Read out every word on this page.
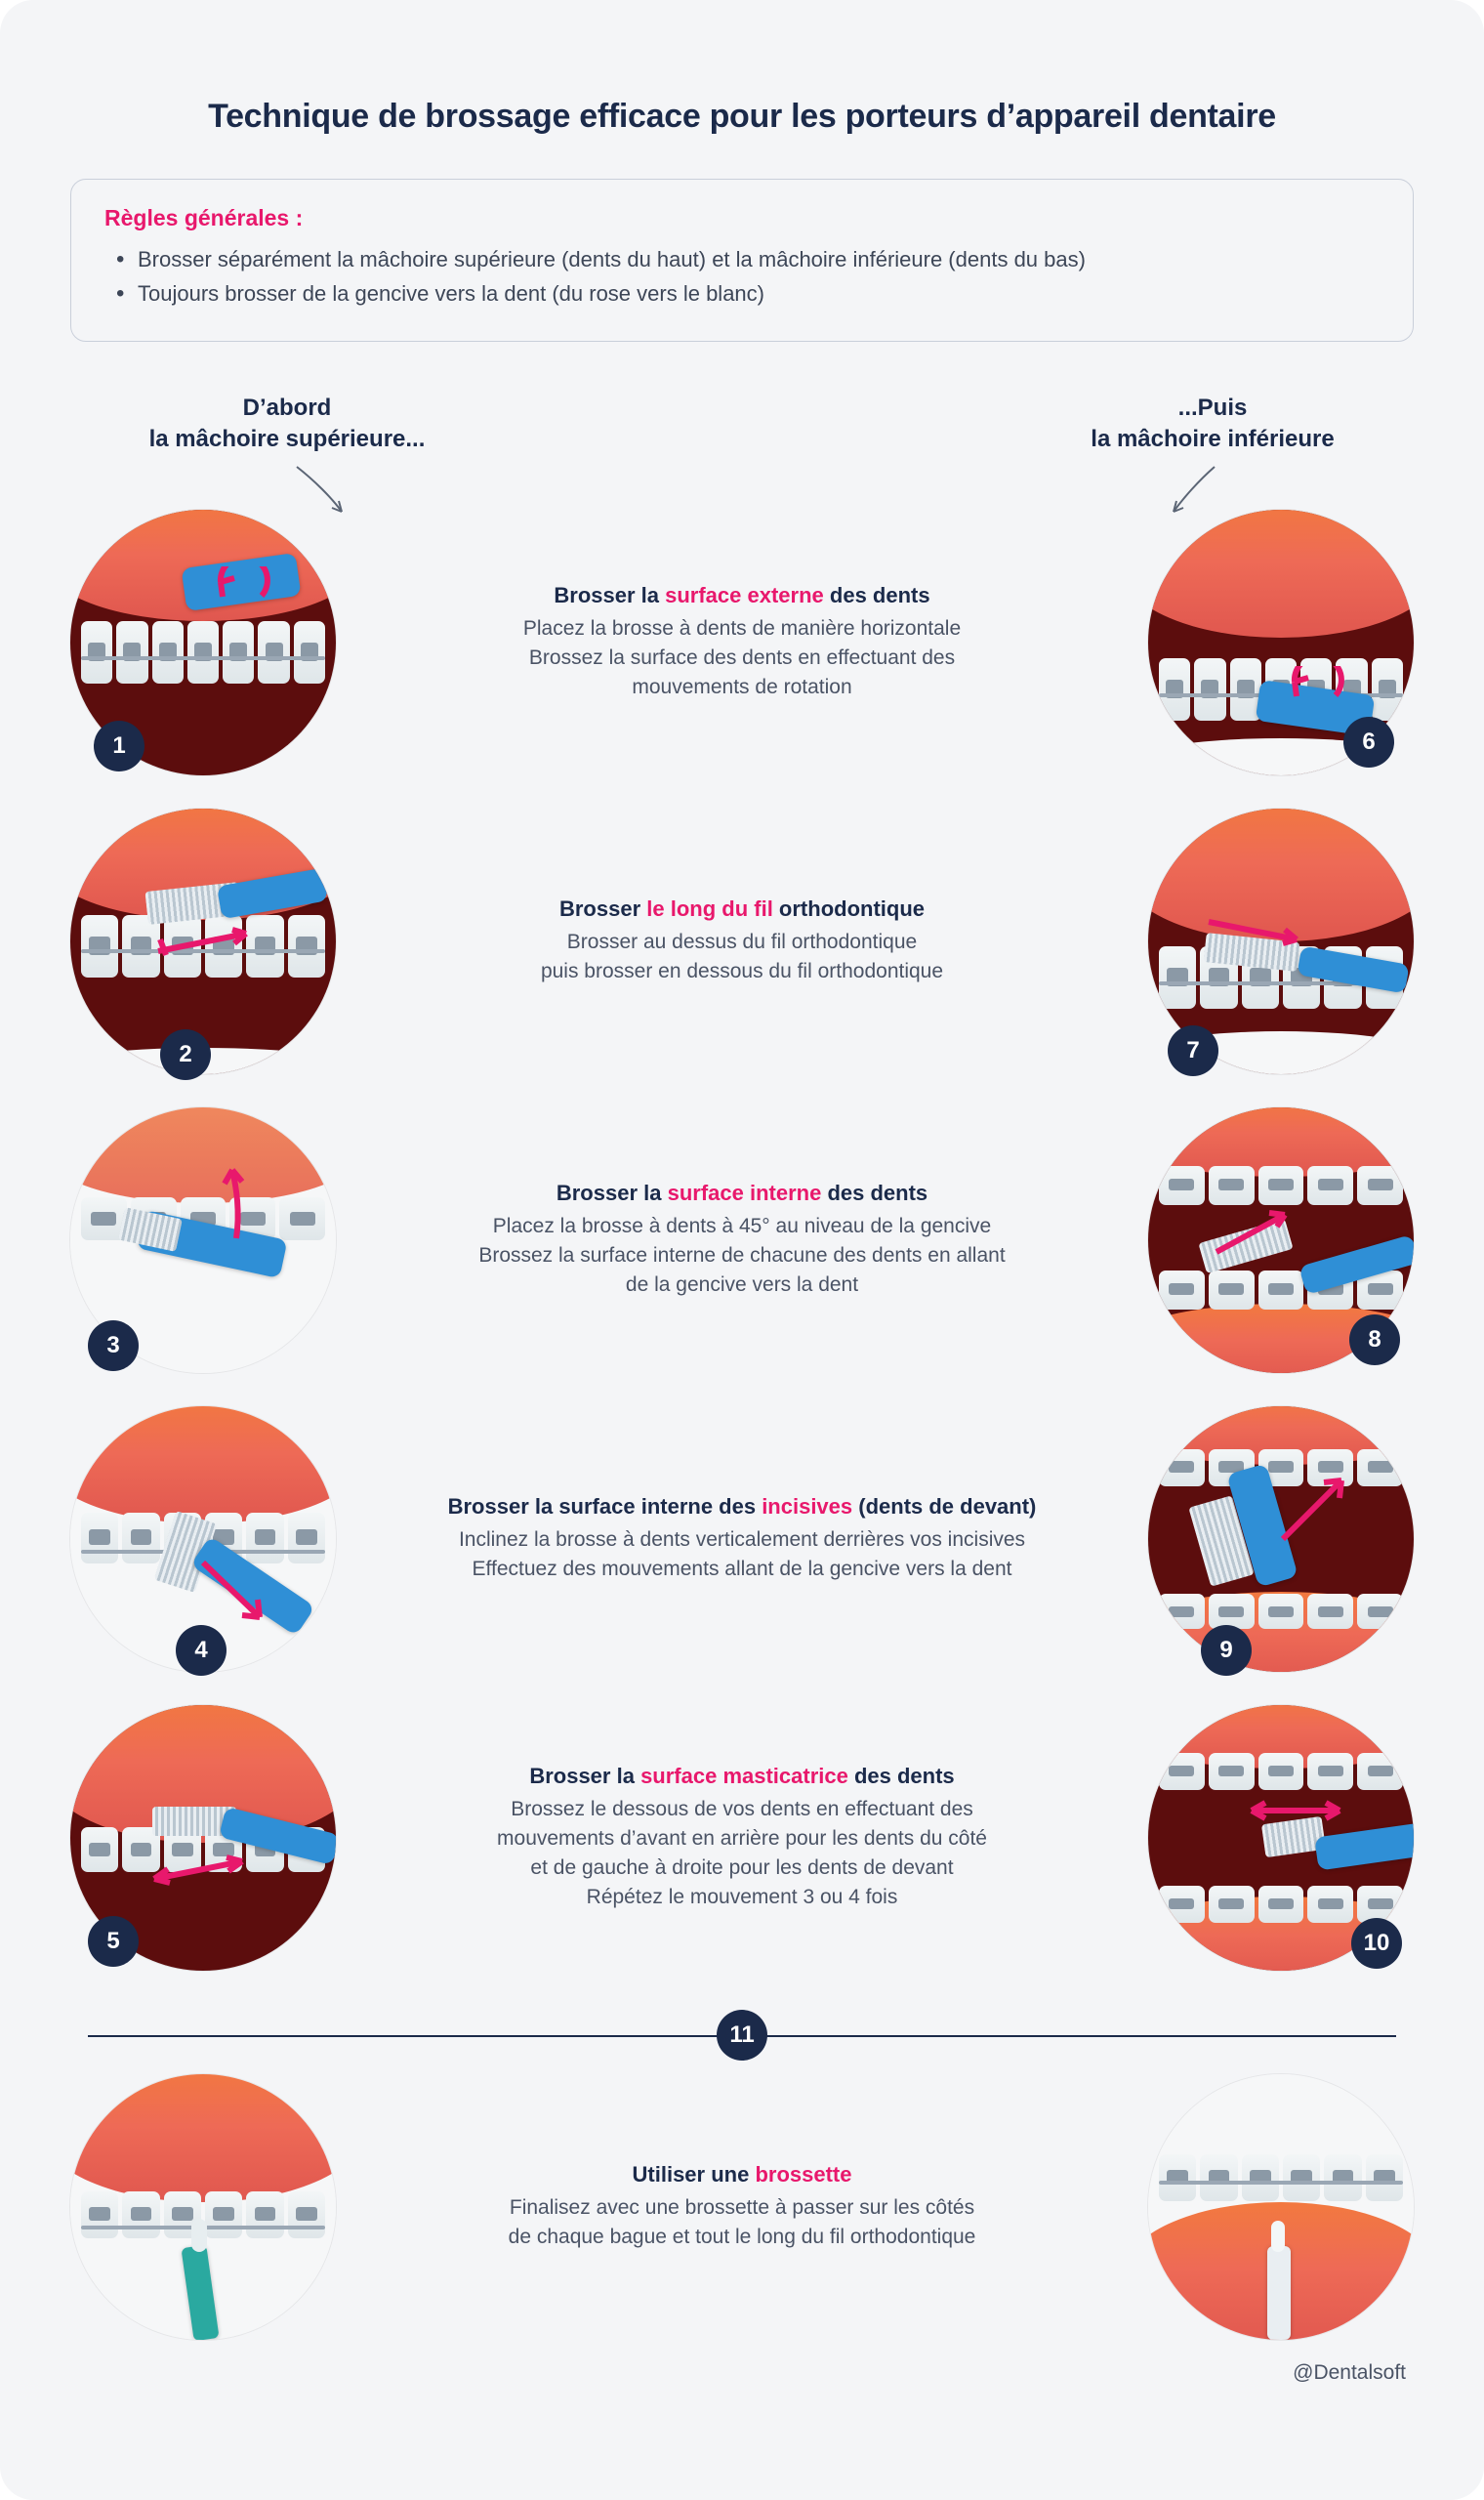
Technique de brossage efficace pour les porteurs d’appareil dentaire
Règles générales :
• Brosser séparément la mâchoire supérieure (dents du haut) et la mâchoire inférieure (dents du bas)
• Toujours brosser de la gencive vers la dent (du rose vers le blanc)
D’abord
la mâchoire supérieure...
...Puis
la mâchoire inférieure
1
Brosser la surface externe des dents
Placez la brosse à dents de manière horizontale
Brossez la surface des dents en effectuant des
mouvements de rotation
6
2
Brosser le long du fil orthodontique
Brosser au dessus du fil orthodontique
puis brosser en dessous du fil orthodontique
7
3
Brosser la surface interne des dents
Placez la brosse à dents à 45° au niveau de la gencive
Brossez la surface interne de chacune des dents en allant
de la gencive vers la dent
8
4
Brosser la surface interne des incisives (dents de devant)
Inclinez la brosse à dents verticalement derrières vos incisives
Effectuez des mouvements allant de la gencive vers la dent
9
5
Brosser la surface masticatrice des dents
Brossez le dessous de vos dents en effectuant des
mouvements d’avant en arrière pour les dents du côté
et de gauche à droite pour les dents de devant
Répétez le mouvement 3 ou 4 fois
10
11
Utiliser une brossette
Finalisez avec une brossette à passer sur les côtés
de chaque bague et tout le long du fil orthodontique
@Dentalsoft
